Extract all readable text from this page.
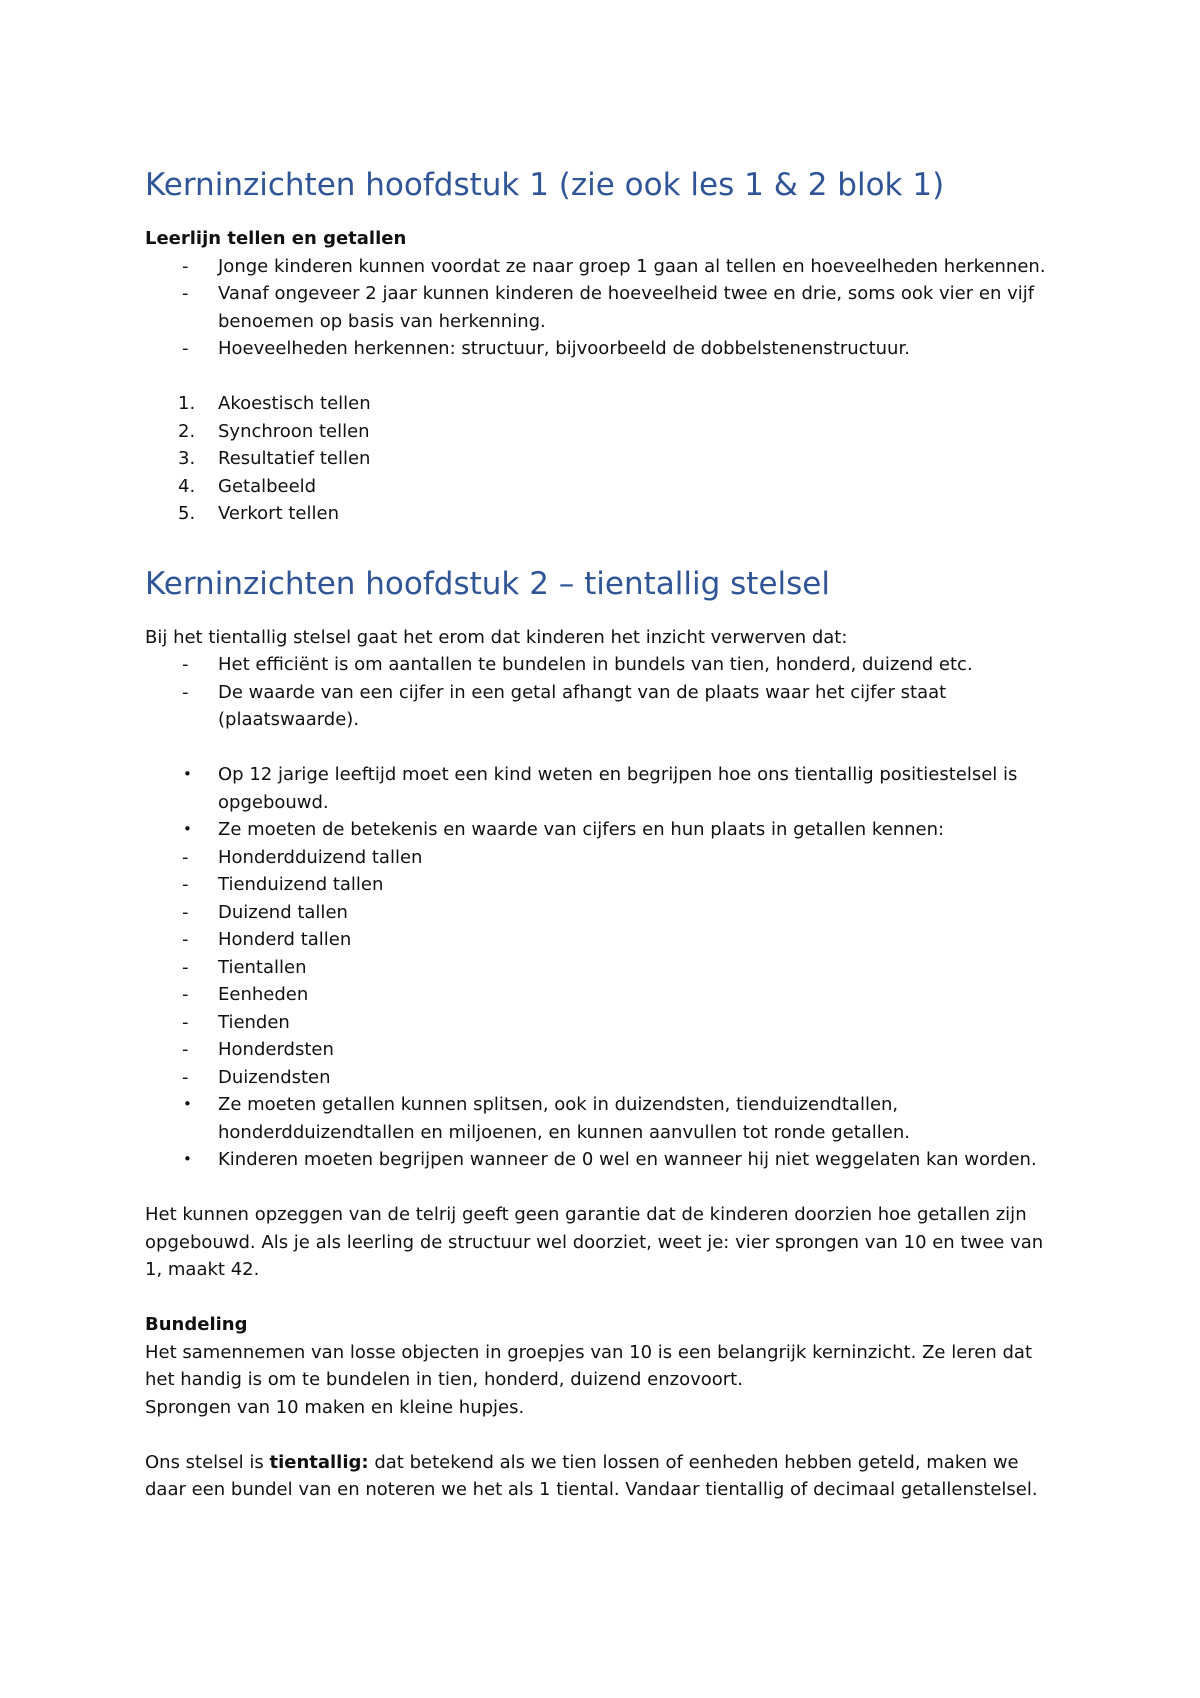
Kerninzichten hoofdstuk 1 (zie ook les 1 & 2 blok 1)

Leerlijn tellen en getallen

- Jonge kinderen kunnen voordat ze naar groep 1 gaan al tellen en hoeveelheden herkennen.
- Vanaf ongeveer 2 jaar kunnen kinderen de hoeveelheid twee en drie, soms ook vier en vijf benoemen op basis van herkenning.
- Hoeveelheden herkennen: structuur, bijvoorbeeld de dobbelstenenstructuur.
1. Akoestisch tellen
2. Synchroon tellen
3. Resultatief tellen
4. Getalbeeld
5. Verkort tellen
Kerninzichten hoofdstuk 2 – tientallig stelsel

Bij het tientallig stelsel gaat het erom dat kinderen het inzicht verwerven dat:

- Het efficiënt is om aantallen te bundelen in bundels van tien, honderd, duizend etc.
- De waarde van een cijfer in een getal afhangt van de plaats waar het cijfer staat (plaatswaarde).
• Op 12 jarige leeftijd moet een kind weten en begrijpen hoe ons tientallig positiestelsel is opgebouwd.
• Ze moeten de betekenis en waarde van cijfers en hun plaats in getallen kennen:
- Honderdduizend tallen
- Tienduizend tallen
- Duizend tallen
- Honderd tallen
- Tientallen
- Eenheden
- Tienden
- Honderdsten
- Duizendsten
• Ze moeten getallen kunnen splitsen, ook in duizendsten, tienduizendtallen, honderdduizendtallen en miljoenen, en kunnen aanvullen tot ronde getallen.
• Kinderen moeten begrijpen wanneer de 0 wel en wanneer hij niet weggelaten kan worden.

Het kunnen opzeggen van de telrij geeft geen garantie dat de kinderen doorzien hoe getallen zijn opgebouwd. Als je als leerling de structuur wel doorziet, weet je: vier sprongen van 10 en twee van 1, maakt 42.

Bundeling

Het samennemen van losse objecten in groepjes van 10 is een belangrijk kerninzicht. Ze leren dat het handig is om te bundelen in tien, honderd, duizend enzovoort.

Sprongen van 10 maken en kleine hupjes.

Ons stelsel is tientallig: dat betekend als we tien lossen of eenheden hebben geteld, maken we daar een bundel van en noteren we het als 1 tiental. Vandaar tientallig of decimaal getallenstelsel.
